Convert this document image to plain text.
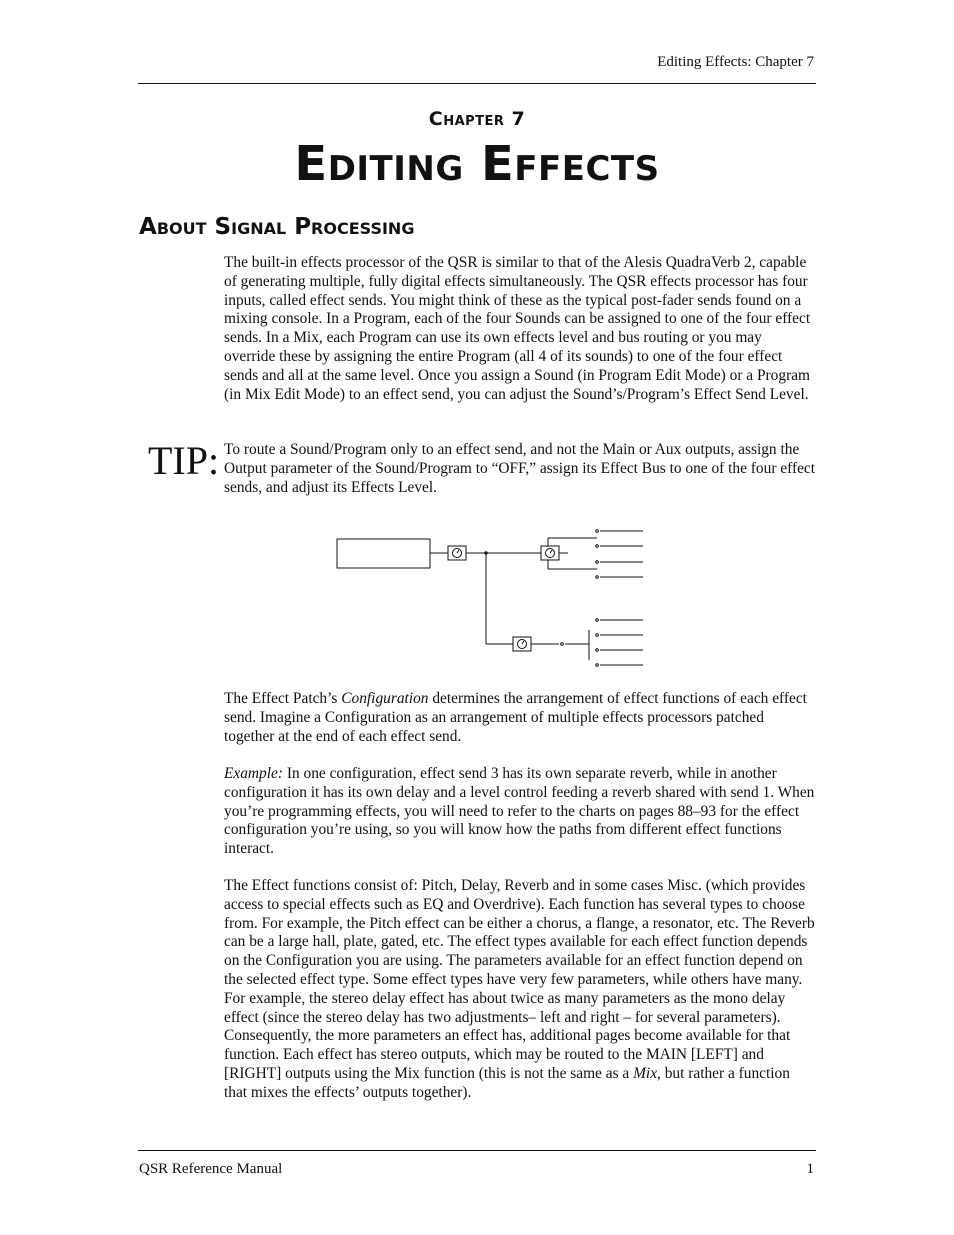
Editing Effects: Chapter 7
Chapter 7
Editing Effects
About Signal Processing

The built-in effects processor of the QSR is similar to that of the Alesis QuadraVerb 2, capable of generating multiple, fully digital effects simultaneously. The QSR effects processor has four inputs, called effect sends. You might think of these as the typical post-fader sends found on a mixing console. In a Program, each of the four Sounds can be assigned to one of the four effect sends. In a Mix, each Program can use its own effects level and bus routing or you may override these by assigning the entire Program (all 4 of its sounds) to one of the four effect sends and all at the same level. Once you assign a Sound (in Program Edit Mode) or a Program (in Mix Edit Mode) to an effect send, you can adjust the Sound’s/Program’s Effect Send Level.

TIP: To route a Sound/Program only to an effect send, and not the Main or Aux outputs, assign the Output parameter of the Sound/Program to “OFF,” assign its Effect Bus to one of the four effect sends, and adjust its Effects Level.

The Effect Patch’s Configuration determines the arrangement of effect functions of each effect send. Imagine a Configuration as an arrangement of multiple effects processors patched together at the end of each effect send.

Example: In one configuration, effect send 3 has its own separate reverb, while in another configuration it has its own delay and a level control feeding a reverb shared with send 1. When you’re programming effects, you will need to refer to the charts on pages 88–93 for the effect configuration you’re using, so you will know how the paths from different effect functions interact.

The Effect functions consist of: Pitch, Delay, Reverb and in some cases Misc. (which provides access to special effects such as EQ and Overdrive). Each function has several types to choose from. For example, the Pitch effect can be either a chorus, a flange, a resonator, etc. The Reverb can be a large hall, plate, gated, etc. The effect types available for each effect function depends on the Configuration you are using. The parameters available for an effect function depend on the selected effect type. Some effect types have very few parameters, while others have many. For example, the stereo delay effect has about twice as many parameters as the mono delay effect (since the stereo delay has two adjustments– left and right – for several parameters). Consequently, the more parameters an effect has, additional pages become available for that function. Each effect has stereo outputs, which may be routed to the MAIN [LEFT] and [RIGHT] outputs using the Mix function (this is not the same as a Mix, but rather a function that mixes the effects’ outputs together).

QSR Reference Manual	1
